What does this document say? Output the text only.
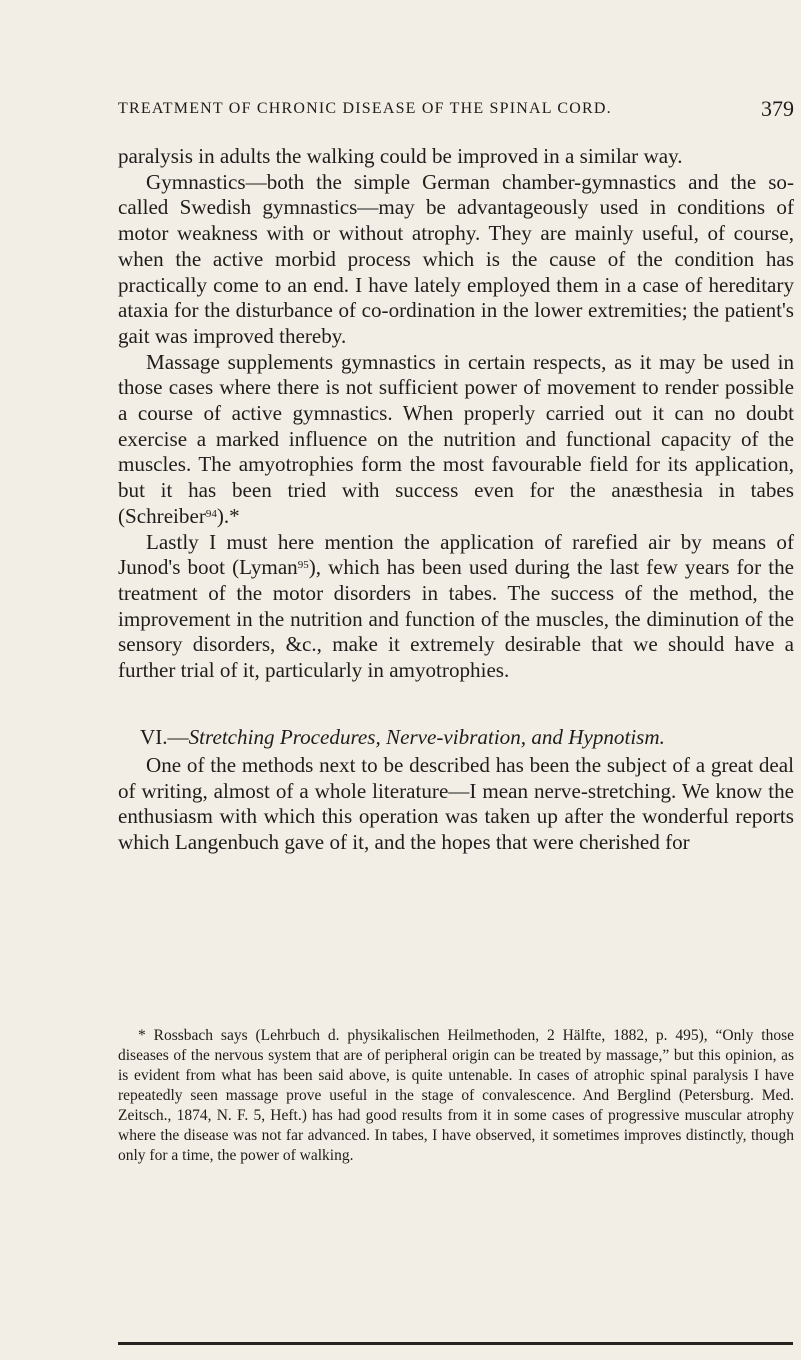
TREATMENT OF CHRONIC DISEASE OF THE SPINAL CORD.	379

paralysis in adults the walking could be improved in a similar way.

Gymnastics—both the simple German chamber-gymnastics and the so-called Swedish gymnastics—may be advantageously used in conditions of motor weakness with or without atrophy. They are mainly useful, of course, when the active morbid process which is the cause of the condition has practically come to an end. I have lately employed them in a case of hereditary ataxia for the disturbance of co-ordination in the lower extremities; the patient's gait was improved thereby.

Massage supplements gymnastics in certain respects, as it may be used in those cases where there is not sufficient power of movement to render possible a course of active gymnastics. When properly carried out it can no doubt exercise a marked influence on the nutrition and functional capacity of the muscles. The amyotrophies form the most favourable field for its application, but it has been tried with success even for the anæsthesia in tabes (Schreiber$^{94}$).*

Lastly I must here mention the application of rarefied air by means of Junod's boot (Lyman$^{95}$), which has been used during the last few years for the treatment of the motor disorders in tabes. The success of the method, the improvement in the nutrition and function of the muscles, the diminution of the sensory disorders, &c., make it extremely desirable that we should have a further trial of it, particularly in amyotrophies.

VI.—Stretching Procedures, Nerve-vibration, and Hypnotism.

One of the methods next to be described has been the subject of a great deal of writing, almost of a whole literature—I mean nerve-stretching. We know the enthusiasm with which this operation was taken up after the wonderful reports which Langenbuch gave of it, and the hopes that were cherished for

* Rossbach says (Lehrbuch d. physikalischen Heilmethoden, 2 Hälfte, 1882, p. 495), “Only those diseases of the nervous system that are of peripheral origin can be treated by massage,” but this opinion, as is evident from what has been said above, is quite untenable. In cases of atrophic spinal paralysis I have repeatedly seen massage prove useful in the stage of convalescence. And Berglind (Petersburg. Med. Zeitsch., 1874, N. F. 5, Heft.) has had good results from it in some cases of progressive muscular atrophy where the disease was not far advanced. In tabes, I have observed, it sometimes improves distinctly, though only for a time, the power of walking.
